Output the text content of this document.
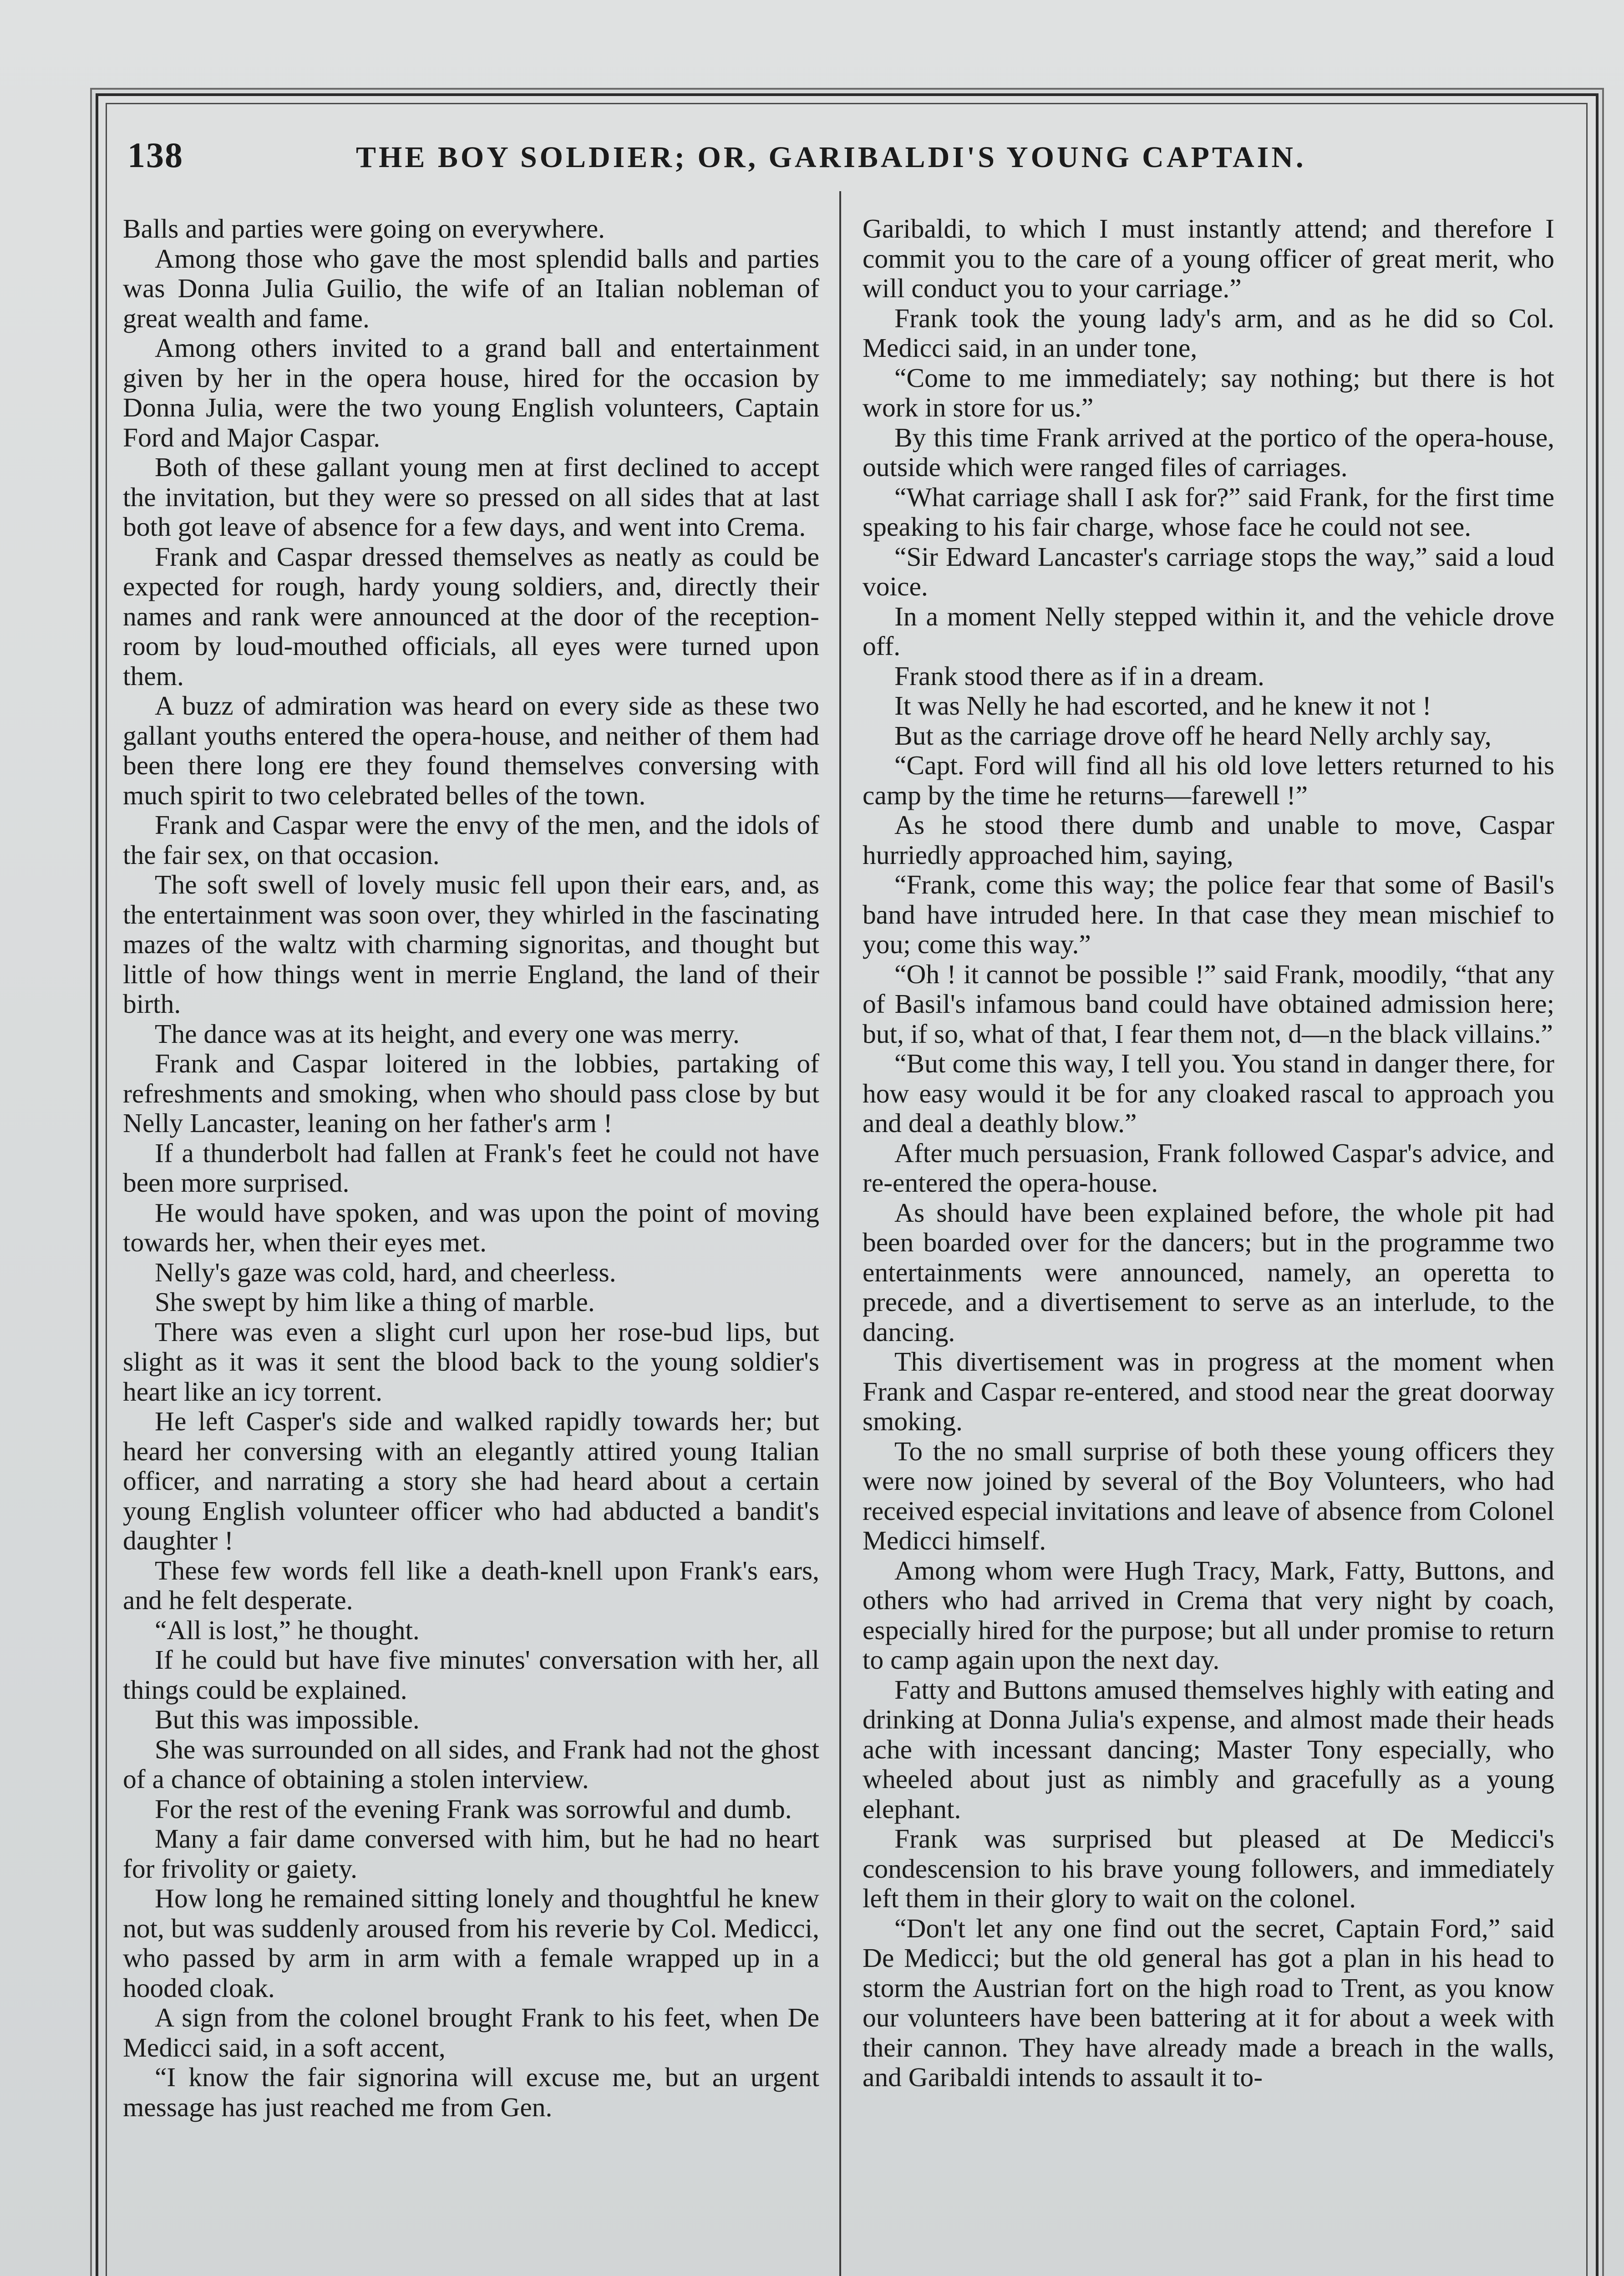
138	THE BOY SOLDIER; OR, GARIBALDI'S YOUNG CAPTAIN.

Balls and parties were going on everywhere.

Among those who gave the most splendid balls and parties was Donna Julia Guilio, the wife of an Italian nobleman of great wealth and fame.

Among others invited to a grand ball and entertainment given by her in the opera house, hired for the occasion by Donna Julia, were the two young English volunteers, Captain Ford and Major Caspar.

Both of these gallant young men at first declined to accept the invitation, but they were so pressed on all sides that at last both got leave of absence for a few days, and went into Crema.

Frank and Caspar dressed themselves as neatly as could be expected for rough, hardy young soldiers, and, directly their names and rank were announced at the door of the reception-room by loud-mouthed officials, all eyes were turned upon them.

A buzz of admiration was heard on every side as these two gallant youths entered the opera-house, and neither of them had been there long ere they found themselves conversing with much spirit to two celebrated belles of the town.

Frank and Caspar were the envy of the men, and the idols of the fair sex, on that occasion.

The soft swell of lovely music fell upon their ears, and, as the entertainment was soon over, they whirled in the fascinating mazes of the waltz with charming signoritas, and thought but little of how things went in merrie England, the land of their birth.

The dance was at its height, and every one was merry.

Frank and Caspar loitered in the lobbies, partaking of refreshments and smoking, when who should pass close by but Nelly Lancaster, leaning on her father's arm !

If a thunderbolt had fallen at Frank's feet he could not have been more surprised.

He would have spoken, and was upon the point of moving towards her, when their eyes met.

Nelly's gaze was cold, hard, and cheerless.

She swept by him like a thing of marble.

There was even a slight curl upon her rose-bud lips, but slight as it was it sent the blood back to the young soldier's heart like an icy torrent.

He left Casper's side and walked rapidly towards her; but heard her conversing with an elegantly attired young Italian officer, and narrating a story she had heard about a certain young English volunteer officer who had abducted a bandit's daughter !

These few words fell like a death-knell upon Frank's ears, and he felt desperate.

“All is lost,” he thought.

If he could but have five minutes' conversation with her, all things could be explained.

But this was impossible.

She was surrounded on all sides, and Frank had not the ghost of a chance of obtaining a stolen interview.

For the rest of the evening Frank was sorrowful and dumb.

Many a fair dame conversed with him, but he had no heart for frivolity or gaiety.

How long he remained sitting lonely and thoughtful he knew not, but was suddenly aroused from his reverie by Col. Medicci, who passed by arm in arm with a female wrapped up in a hooded cloak.

A sign from the colonel brought Frank to his feet, when De Medicci said, in a soft accent,

“I know the fair signorina will excuse me, but an urgent message has just reached me from Gen.

Garibaldi, to which I must instantly attend; and therefore I commit you to the care of a young officer of great merit, who will conduct you to your carriage.”

Frank took the young lady's arm, and as he did so Col. Medicci said, in an under tone,

“Come to me immediately; say nothing; but there is hot work in store for us.”

By this time Frank arrived at the portico of the opera-house, outside which were ranged files of carriages.

“What carriage shall I ask for?” said Frank, for the first time speaking to his fair charge, whose face he could not see.

“Sir Edward Lancaster's carriage stops the way,” said a loud voice.

In a moment Nelly stepped within it, and the vehicle drove off.

Frank stood there as if in a dream.

It was Nelly he had escorted, and he knew it not !

But as the carriage drove off he heard Nelly archly say,

“Capt. Ford will find all his old love letters returned to his camp by the time he returns—farewell !”

As he stood there dumb and unable to move, Caspar hurriedly approached him, saying,

“Frank, come this way; the police fear that some of Basil's band have intruded here. In that case they mean mischief to you; come this way.”

“Oh ! it cannot be possible !” said Frank, moodily, “that any of Basil's infamous band could have obtained admission here; but, if so, what of that, I fear them not, d—n the black villains.”

“But come this way, I tell you. You stand in danger there, for how easy would it be for any cloaked rascal to approach you and deal a deathly blow.”

After much persuasion, Frank followed Caspar's advice, and re-entered the opera-house.

As should have been explained before, the whole pit had been boarded over for the dancers; but in the programme two entertainments were announced, namely, an operetta to precede, and a divertisement to serve as an interlude, to the dancing.

This divertisement was in progress at the moment when Frank and Caspar re-entered, and stood near the great doorway smoking.

To the no small surprise of both these young officers they were now joined by several of the Boy Volunteers, who had received especial invitations and leave of absence from Colonel Medicci himself.

Among whom were Hugh Tracy, Mark, Fatty, Buttons, and others who had arrived in Crema that very night by coach, especially hired for the purpose; but all under promise to return to camp again upon the next day.

Fatty and Buttons amused themselves highly with eating and drinking at Donna Julia's expense, and almost made their heads ache with incessant dancing; Master Tony especially, who wheeled about just as nimbly and gracefully as a young elephant.

Frank was surprised but pleased at De Medicci's condescension to his brave young followers, and immediately left them in their glory to wait on the colonel.

“Don't let any one find out the secret, Captain Ford,” said De Medicci; but the old general has got a plan in his head to storm the Austrian fort on the high road to Trent, as you know our volunteers have been battering at it for about a week with their cannon. They have already made a breach in the walls, and Garibaldi intends to assault it to-
